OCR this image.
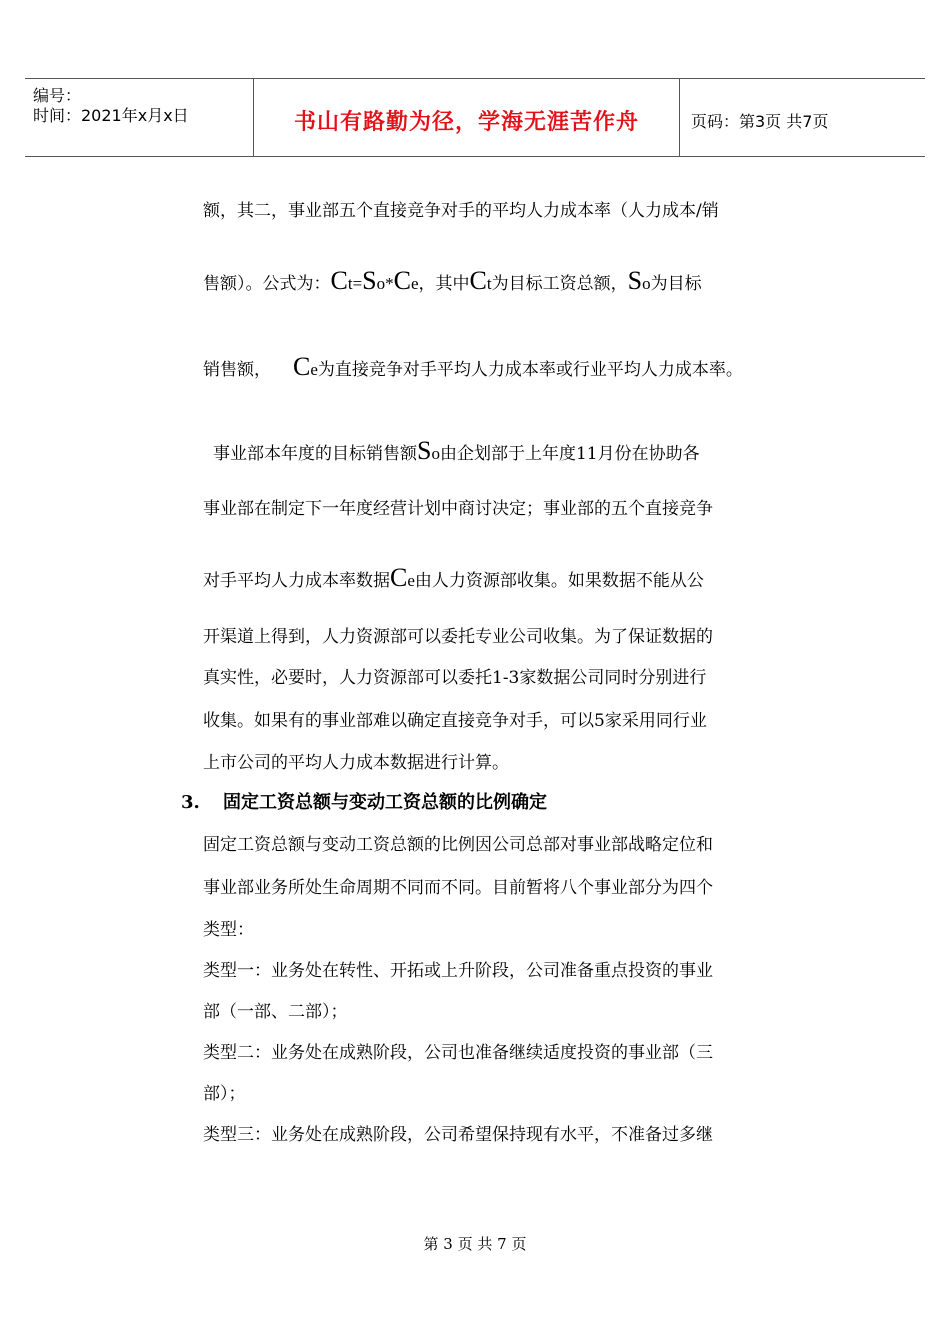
编号：
时间：2021年x月x日	书山有路勤为径，学海无涯苦作舟	页码：第3页 共7页
额，其二，事业部五个直接竞争对手的平均人力成本率（人力成本/销
售额）。公式为：Ct=So*Ce，其中Ct为目标工资总额，So为目标
销售额， Ce为直接竞争对手平均人力成本率或行业平均人力成本率。
事业部本年度的目标销售额So由企划部于上年度11月份在协助各
事业部在制定下一年度经营计划中商讨决定；事业部的五个直接竞争
对手平均人力成本率数据Ce由人力资源部收集。如果数据不能从公
开渠道上得到，人力资源部可以委托专业公司收集。为了保证数据的
真实性，必要时，人力资源部可以委托1-3家数据公司同时分别进行
收集。如果有的事业部难以确定直接竞争对手，可以5家采用同行业
上市公司的平均人力成本数据进行计算。
3. 固定工资总额与变动工资总额的比例确定
固定工资总额与变动工资总额的比例因公司总部对事业部战略定位和
事业部业务所处生命周期不同而不同。目前暂将八个事业部分为四个
类型：
类型一：业务处在转性、开拓或上升阶段，公司准备重点投资的事业
部（一部、二部）；
类型二：业务处在成熟阶段，公司也准备继续适度投资的事业部（三
部）；
类型三：业务处在成熟阶段，公司希望保持现有水平，不准备过多继
第 3 页 共 7 页
